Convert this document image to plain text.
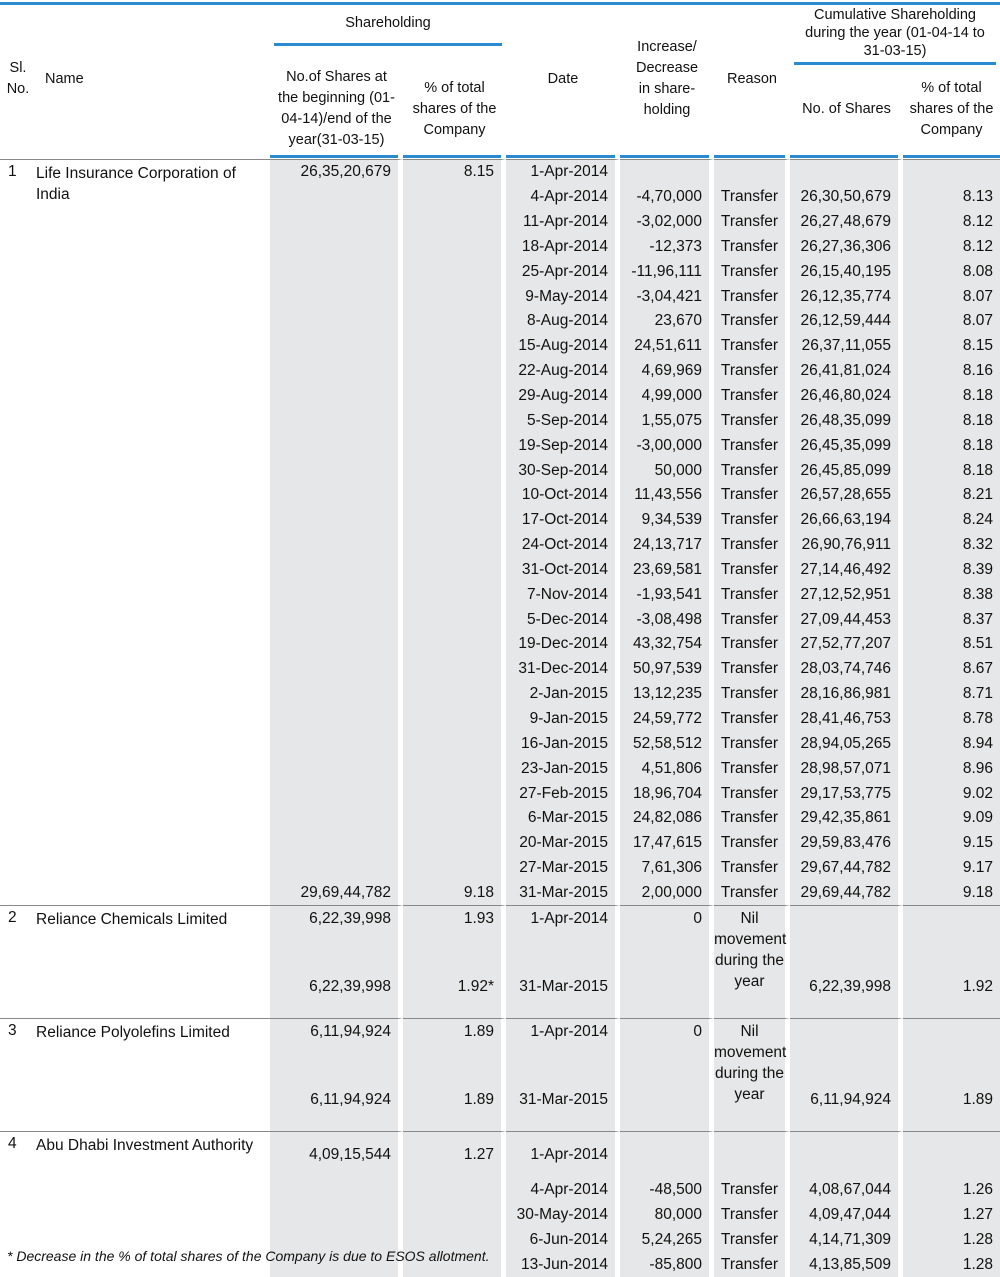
Sl. No.	Name	Shareholding		Date	Increase/ Decrease in share-holding	Reason	Cumulative Shareholding during the year (01-04-14 to 31-03-15)	

		No.of Shares at the beginning (01-04-14)/end of the year(31-03-15)	% of total shares of the Company				No. of Shares	% of total shares of the Company

1	Life Insurance Corporation of India	26,35,20,679	8.15	1-Apr-2014				
				4-Apr-2014	-4,70,000	Transfer	26,30,50,679	8.13
				11-Apr-2014	-3,02,000	Transfer	26,27,48,679	8.12
				18-Apr-2014	-12,373	Transfer	26,27,36,306	8.12
				25-Apr-2014	-11,96,111	Transfer	26,15,40,195	8.08
				9-May-2014	-3,04,421	Transfer	26,12,35,774	8.07
				8-Aug-2014	23,670	Transfer	26,12,59,444	8.07
				15-Aug-2014	24,51,611	Transfer	26,37,11,055	8.15
				22-Aug-2014	4,69,969	Transfer	26,41,81,024	8.16
				29-Aug-2014	4,99,000	Transfer	26,46,80,024	8.18
				5-Sep-2014	1,55,075	Transfer	26,48,35,099	8.18
				19-Sep-2014	-3,00,000	Transfer	26,45,35,099	8.18
				30-Sep-2014	50,000	Transfer	26,45,85,099	8.18
				10-Oct-2014	11,43,556	Transfer	26,57,28,655	8.21
				17-Oct-2014	9,34,539	Transfer	26,66,63,194	8.24
				24-Oct-2014	24,13,717	Transfer	26,90,76,911	8.32
				31-Oct-2014	23,69,581	Transfer	27,14,46,492	8.39
				7-Nov-2014	-1,93,541	Transfer	27,12,52,951	8.38
				5-Dec-2014	-3,08,498	Transfer	27,09,44,453	8.37
				19-Dec-2014	43,32,754	Transfer	27,52,77,207	8.51
				31-Dec-2014	50,97,539	Transfer	28,03,74,746	8.67
				2-Jan-2015	13,12,235	Transfer	28,16,86,981	8.71
				9-Jan-2015	24,59,772	Transfer	28,41,46,753	8.78
				16-Jan-2015	52,58,512	Transfer	28,94,05,265	8.94
				23-Jan-2015	4,51,806	Transfer	28,98,57,071	8.96
				27-Feb-2015	18,96,704	Transfer	29,17,53,775	9.02
				6-Mar-2015	24,82,086	Transfer	29,42,35,861	9.09
				20-Mar-2015	17,47,615	Transfer	29,59,83,476	9.15
				27-Mar-2015	7,61,306	Transfer	29,67,44,782	9.17
		29,69,44,782	9.18	31-Mar-2015	2,00,000	Transfer	29,69,44,782	9.18
2	Reliance Chemicals Limited	6,22,39,998	1.93	1-Apr-2014	0	Nil movement during the year		

		6,22,39,998	1.92*	31-Mar-2015			6,22,39,998	1.92
3	Reliance Polyolefins Limited	6,11,94,924	1.89	1-Apr-2014	0	Nil movement during the year		

		6,11,94,924	1.89	31-Mar-2015			6,11,94,924	1.89
4	Abu Dhabi Investment Authority	4,09,15,544	1.27	1-Apr-2014				
				4-Apr-2014	-48,500	Transfer	4,08,67,044	1.26
				30-May-2014	80,000	Transfer	4,09,47,044	1.27
				6-Jun-2014	5,24,265	Transfer	4,14,71,309	1.28
				13-Jun-2014	-85,800	Transfer	4,13,85,509	1.28
* Decrease in the % of total shares of the Company is due to ESOS allotment.
